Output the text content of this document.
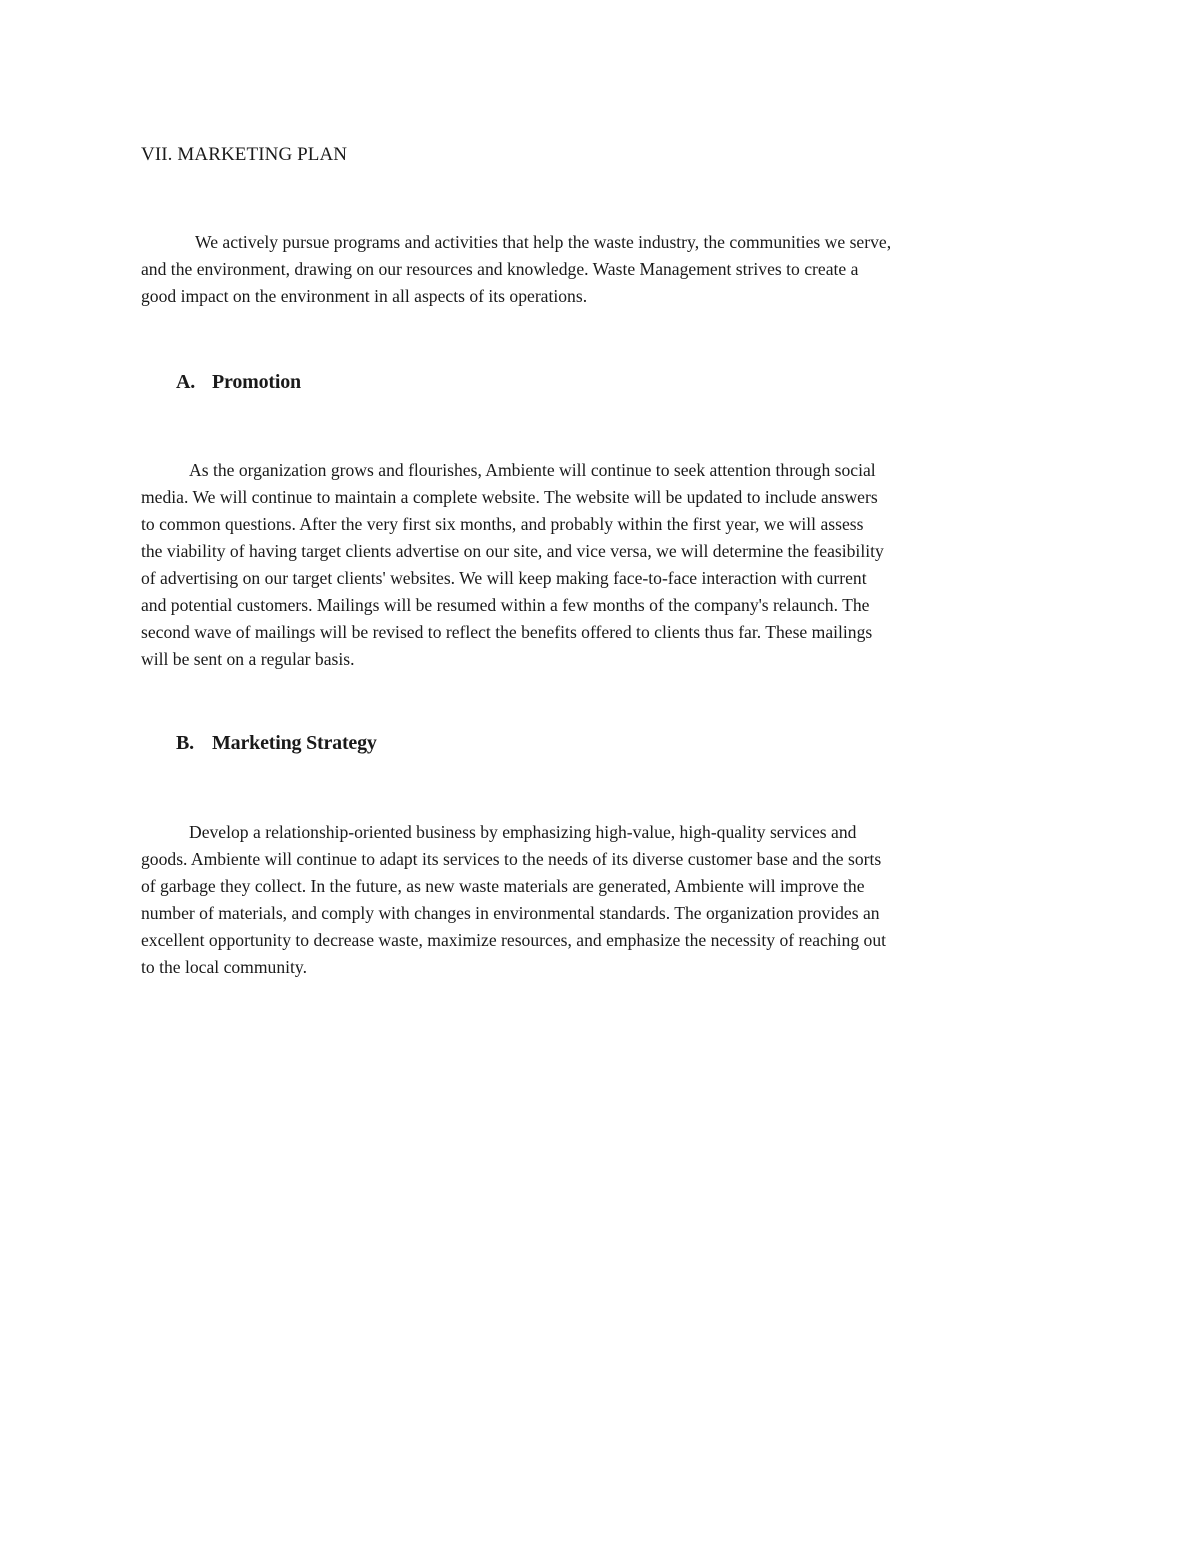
VII. MARKETING PLAN

We actively pursue programs and activities that help the waste industry, the communities we serve,
and the environment, drawing on our resources and knowledge. Waste Management strives to create a
good impact on the environment in all aspects of its operations.

A. Promotion

As the organization grows and flourishes, Ambiente will continue to seek attention through social
media. We will continue to maintain a complete website. The website will be updated to include answers
to common questions. After the very first six months, and probably within the first year, we will assess
the viability of having target clients advertise on our site, and vice versa, we will determine the feasibility
of advertising on our target clients' websites. We will keep making face-to-face interaction with current
and potential customers. Mailings will be resumed within a few months of the company's relaunch. The
second wave of mailings will be revised to reflect the benefits offered to clients thus far. These mailings
will be sent on a regular basis.

B. Marketing Strategy

Develop a relationship-oriented business by emphasizing high-value, high-quality services and
goods. Ambiente will continue to adapt its services to the needs of its diverse customer base and the sorts
of garbage they collect. In the future, as new waste materials are generated, Ambiente will improve the
number of materials, and comply with changes in environmental standards. The organization provides an
excellent opportunity to decrease waste, maximize resources, and emphasize the necessity of reaching out
to the local community.
